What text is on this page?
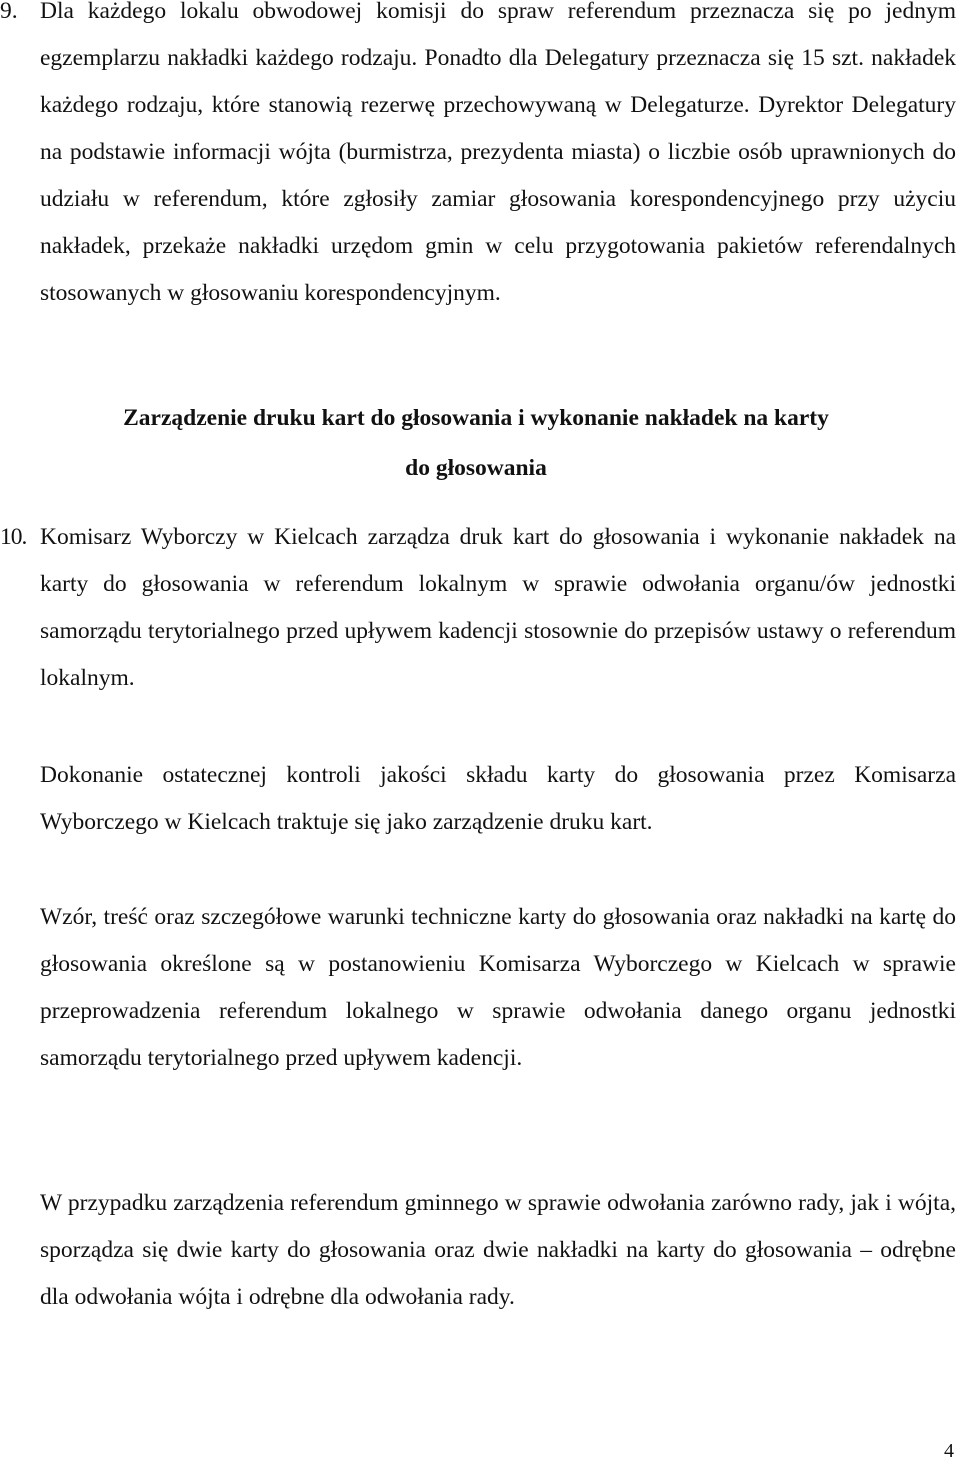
9. Dla każdego lokalu obwodowej komisji do spraw referendum przeznacza się po jednym egzemplarzu nakładki każdego rodzaju. Ponadto dla Delegatury przeznacza się 15 szt. nakładek każdego rodzaju, które stanowią rezerwę przechowywaną w Delegaturze. Dyrektor Delegatury na podstawie informacji wójta (burmistrza, prezydenta miasta) o liczbie osób uprawnionych do udziału w referendum, które zgłosiły zamiar głosowania korespondencyjnego przy użyciu nakładek, przekaże nakładki urzędom gmin w celu przygotowania pakietów referendalnych stosowanych w głosowaniu korespondencyjnym.

Zarządzenie druku kart do głosowania i wykonanie nakładek na karty
do głosowania
10. Komisarz Wyborczy w Kielcach zarządza druk kart do głosowania i wykonanie nakładek na karty do głosowania w referendum lokalnym w sprawie odwołania organu/ów jednostki samorządu terytorialnego przed upływem kadencji stosownie do przepisów ustawy o referendum lokalnym.

Dokonanie ostatecznej kontroli jakości składu karty do głosowania przez Komisarza Wyborczego w Kielcach traktuje się jako zarządzenie druku kart.

Wzór, treść oraz szczegółowe warunki techniczne karty do głosowania oraz nakładki na kartę do głosowania określone są w postanowieniu Komisarza Wyborczego w Kielcach w sprawie przeprowadzenia referendum lokalnego w sprawie odwołania danego organu jednostki samorządu terytorialnego przed upływem kadencji.

W przypadku zarządzenia referendum gminnego w sprawie odwołania zarówno rady, jak i wójta, sporządza się dwie karty do głosowania oraz dwie nakładki na karty do głosowania – odrębne dla odwołania wójta i odrębne dla odwołania rady.

4
